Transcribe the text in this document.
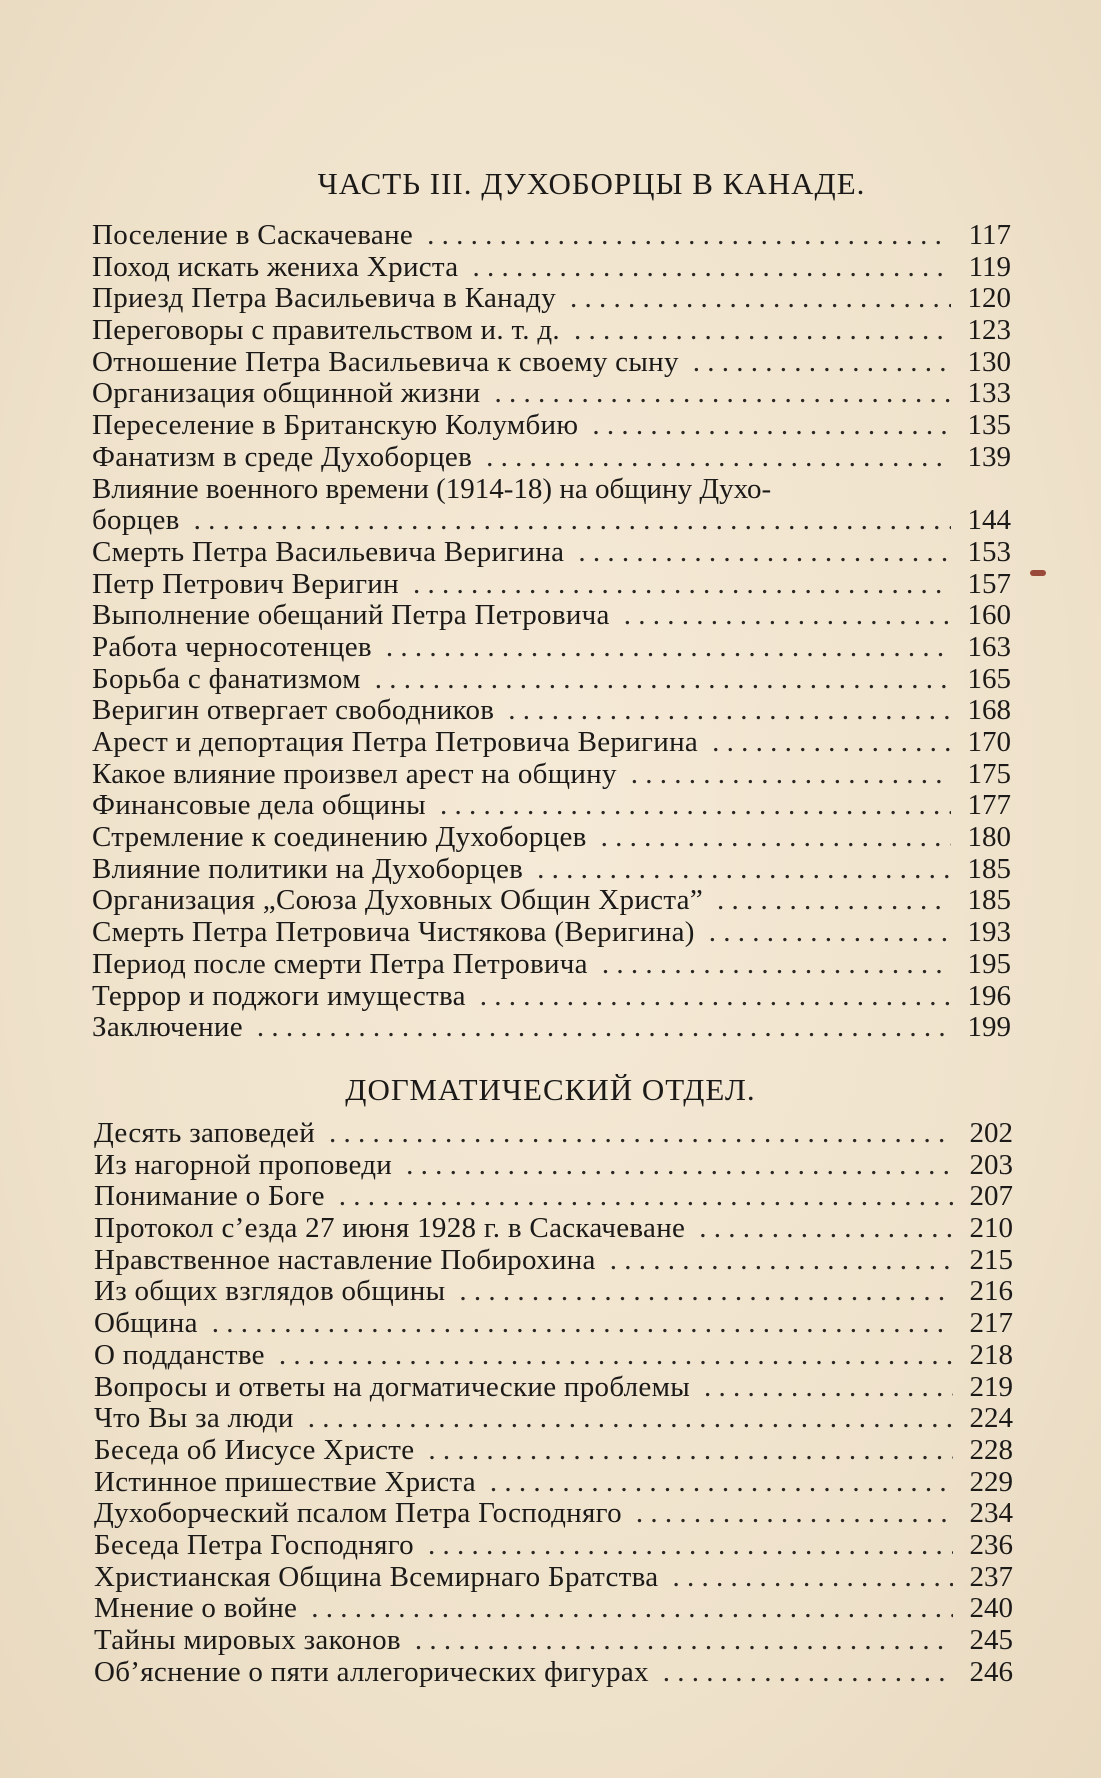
ЧАСТЬ III. ДУХОБОРЦЫ В КАНАДЕ.
Поселение в Саскачеване . . .	117
Поход искать жениха Христа . . .	119
Приезд Петра Васильевича в Канаду . . .	120
Переговоры с правительством и. т. д. . . .	123
Отношение Петра Васильевича к своему сыну . . .	130
Организация общинной жизни . . .	133
Переселение в Британскую Колумбию . . .	135
Фанатизм в среде Духоборцев . . .	139
Влияние военного времени (1914-18) на общину Духо-
борцев . . .	144
Смерть Петра Васильевича Веригина . . .	153
Петр Петрович Веригин . . .	157
Выполнение обещаний Петра Петровича . . .	160
Работа черносотенцев . . .	163
Борьба с фанатизмом . . .	165
Веригин отвергает свободников . . .	168
Арест и депортация Петра Петровича Веригина . . .	170
Какое влияние произвел арест на общину . . .	175
Финансовые дела общины . . .	177
Стремление к соединению Духоборцев . . .	180
Влияние политики на Духоборцев . . .	185
Организация „Союза Духовных Общин Христа” . . .	185
Смерть Петра Петровича Чистякова (Веригина) . . .	193
Период после смерти Петра Петровича . . .	195
Террор и поджоги имущества . . .	196
Заключение . . .	199
ДОГМАТИЧЕСКИЙ ОТДЕЛ.
Десять заповедей . . .	202
Из нагорной проповеди . . .	203
Понимание о Боге . . .	207
Протокол с’езда 27 июня 1928 г. в Саскачеване . . .	210
Нравственное наставление Побирохина . . .	215
Из общих взглядов общины . . .	216
Община . . .	217
О подданстве . . .	218
Вопросы и ответы на догматические проблемы . . .	219
Что Вы за люди . . .	224
Беседа об Иисусе Христе . . .	228
Истинное пришествие Христа . . .	229
Духоборческий псалом Петра Господняго . . .	234
Беседа Петра Господняго . . .	236
Христианская Община Всемирнаго Братства . . .	237
Мнение о войне . . .	240
Тайны мировых законов . . .	245
Об’яснение о пяти аллегорических фигурах . . .	246
